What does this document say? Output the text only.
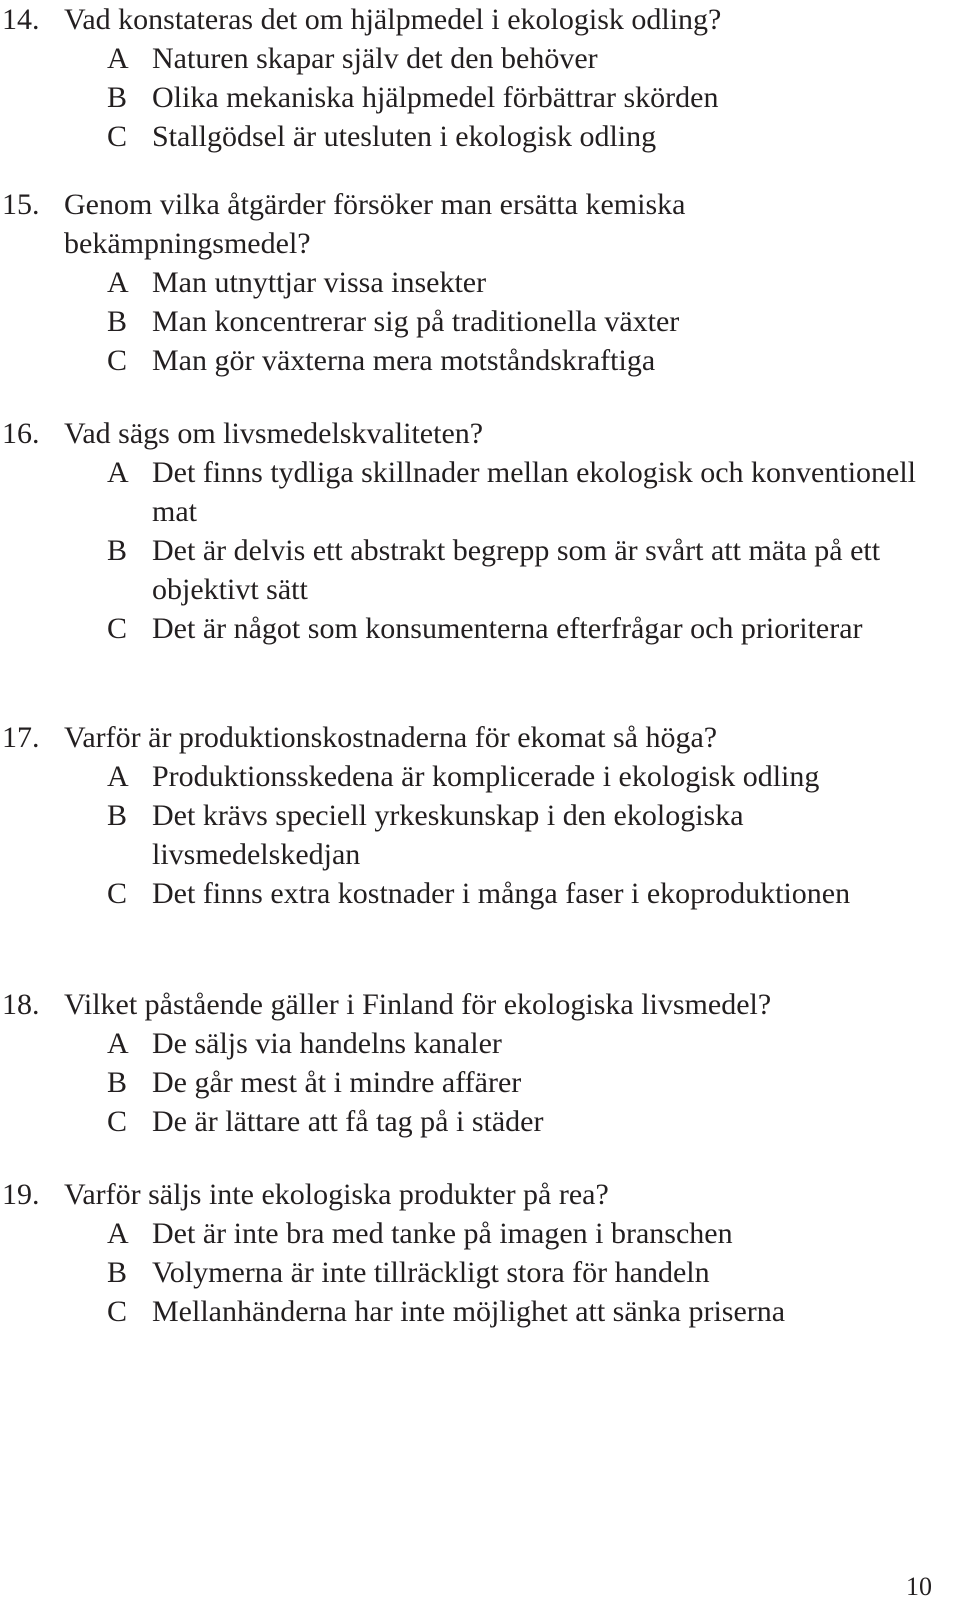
14. Vad konstateras det om hjälpmedel i ekologisk odling?
A Naturen skapar själv det den behöver
B Olika mekaniska hjälpmedel förbättrar skörden
C Stallgödsel är utesluten i ekologisk odling
15. Genom vilka åtgärder försöker man ersätta kemiska bekämpningsmedel?
A Man utnyttjar vissa insekter
B Man koncentrerar sig på traditionella växter
C Man gör växterna mera motståndskraftiga
16. Vad sägs om livsmedelskvaliteten?
A Det finns tydliga skillnader mellan ekologisk och konventionell mat
B Det är delvis ett abstrakt begrepp som är svårt att mäta på ett objektivt sätt
C Det är något som konsumenterna efterfrågar och prioriterar
17. Varför är produktionskostnaderna för ekomat så höga?
A Produktionsskedena är komplicerade i ekologisk odling
B Det krävs speciell yrkeskunskap i den ekologiska livsmedelskedjan
C Det finns extra kostnader i många faser i ekoproduktionen
18. Vilket påstående gäller i Finland för ekologiska livsmedel?
A De säljs via handelns kanaler
B De går mest åt i mindre affärer
C De är lättare att få tag på i städer
19. Varför säljs inte ekologiska produkter på rea?
A Det är inte bra med tanke på imagen i branschen
B Volymerna är inte tillräckligt stora för handeln
C Mellanhänderna har inte möjlighet att sänka priserna
10
